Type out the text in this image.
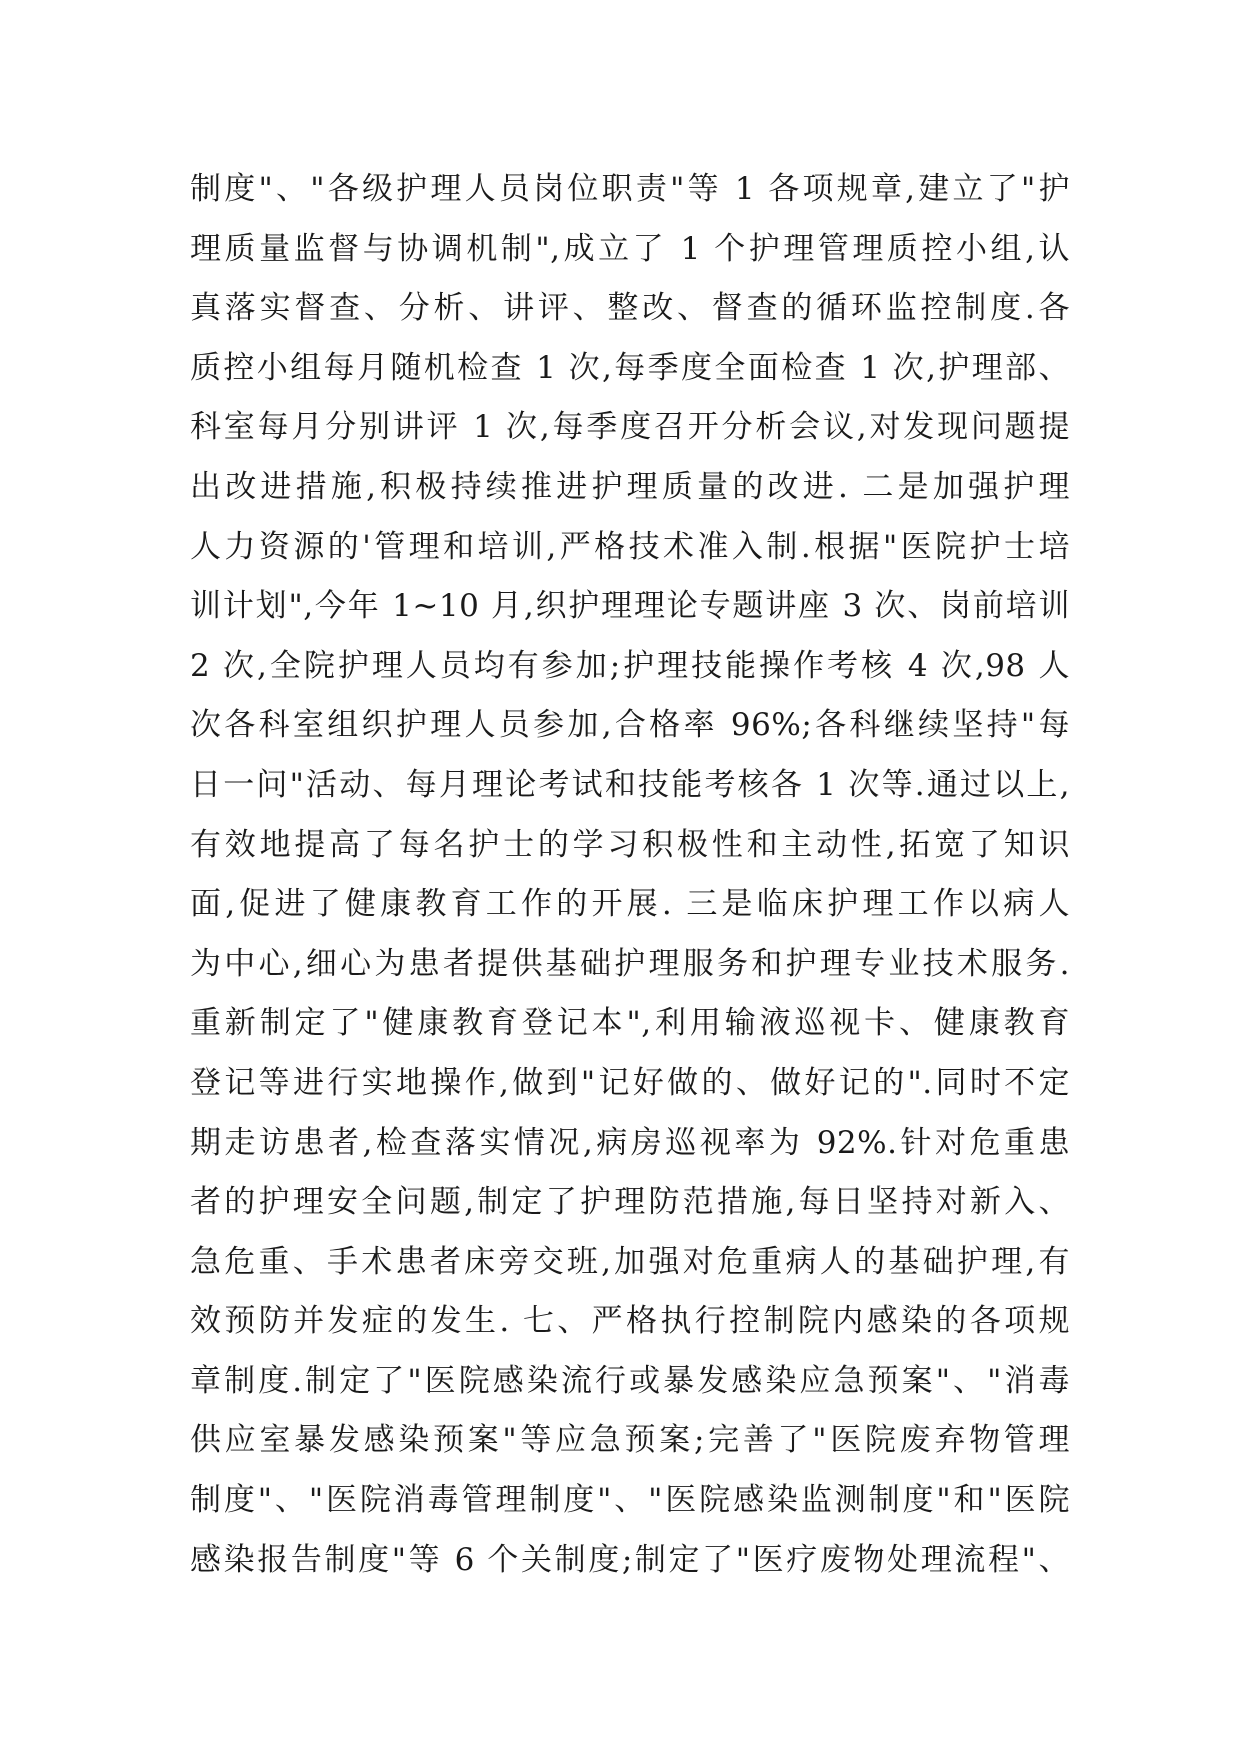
制度"、"各级护理人员岗位职责"等 1 各项规章,建立了"护
理质量监督与协调机制",成立了 1 个护理管理质控小组,认
真落实督查、分析、讲评、整改、督查的循环监控制度.各
质控小组每月随机检查 1 次,每季度全面检查 1 次,护理部、
科室每月分别讲评 1 次,每季度召开分析会议,对发现问题提
出改进措施,积极持续推进护理质量的改进. 二是加强护理
人力资源的'管理和培训,严格技术准入制.根据"医院护士培
训计划",今年 1~10 月,织护理理论专题讲座 3 次、岗前培训
2 次,全院护理人员均有参加;护理技能操作考核 4 次,98 人
次各科室组织护理人员参加,合格率 96%;各科继续坚持"每
日一问"活动、每月理论考试和技能考核各 1 次等.通过以上,
有效地提高了每名护士的学习积极性和主动性,拓宽了知识
面,促进了健康教育工作的开展. 三是临床护理工作以病人
为中心,细心为患者提供基础护理服务和护理专业技术服务.
重新制定了"健康教育登记本",利用输液巡视卡、健康教育
登记等进行实地操作,做到"记好做的、做好记的".同时不定
期走访患者,检查落实情况,病房巡视率为 92%.针对危重患
者的护理安全问题,制定了护理防范措施,每日坚持对新入、
急危重、手术患者床旁交班,加强对危重病人的基础护理,有
效预防并发症的发生. 七、严格执行控制院内感染的各项规
章制度.制定了"医院感染流行或暴发感染应急预案"、"消毒
供应室暴发感染预案"等应急预案;完善了"医院废弃物管理
制度"、"医院消毒管理制度"、"医院感染监测制度"和"医院
感染报告制度"等 6 个关制度;制定了"医疗废物处理流程"、
